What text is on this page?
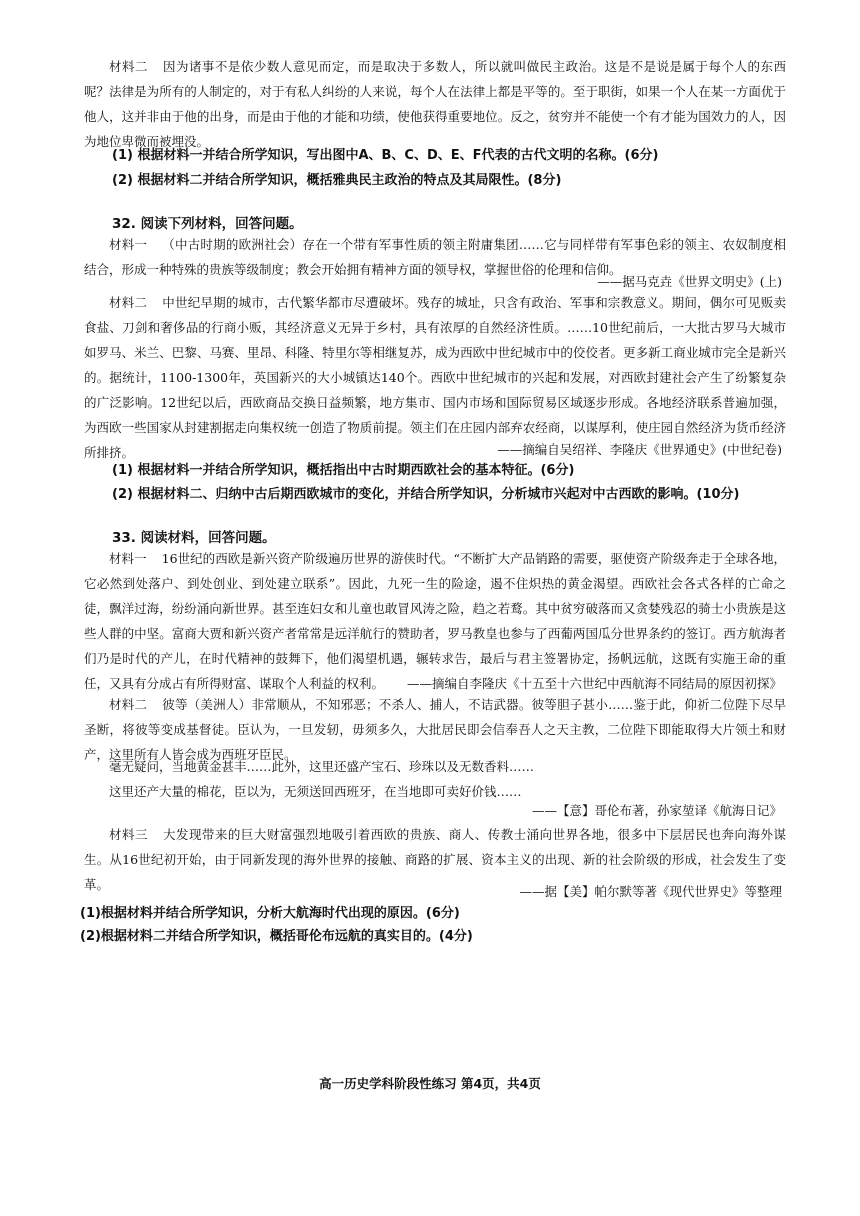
材料二 因为诸事不是依少数人意见而定，而是取决于多数人，所以就叫做民主政治。这是不是说是属于每个人的东西呢？法律是为所有的人制定的，对于有私人纠纷的人来说，每个人在法律上都是平等的。至于职街，如果一个人在某一方面优于他人，这并非由于他的出身，而是由于他的才能和功绩，使他获得重要地位。反之，贫穷并不能使一个有才能为国效力的人，因为地位卑微而被埋没。

(1) 根据材料一并结合所学知识，写出图中A、B、C、D、E、F代表的古代文明的名称。(6分)

(2) 根据材料二并结合所学知识，概括雅典民主政治的特点及其局限性。(8分)

32. 阅读下列材料，回答问题。

材料一 （中古时期的欧洲社会）存在一个带有军事性质的领主附庸集团……它与同样带有军事色彩的领主、农奴制度相结合，形成一种特殊的贵族等级制度；教会开始拥有精神方面的领导权，掌握世俗的伦理和信仰。

——据马克垚《世界文明史》(上)

材料二 中世纪早期的城市，古代繁华都市尽遭破坏。残存的城址，只含有政治、军事和宗教意义。期间，偶尔可见贩卖食盐、刀剑和奢侈品的行商小贩，其经济意义无异于乡村，具有浓厚的自然经济性质。……10世纪前后，一大批古罗马大城市如罗马、米兰、巴黎、马赛、里昂、科隆、特里尔等相继复苏，成为西欧中世纪城市中的佼佼者。更多新工商业城市完全是新兴的。据统计，1100-1300年，英国新兴的大小城镇达140个。西欧中世纪城市的兴起和发展，对西欧封建社会产生了纷繁复杂的广泛影响。12世纪以后，西欧商品交换日益频繁，地方集市、国内市场和国际贸易区域逐步形成。各地经济联系普遍加强，为西欧一些国家从封建割据走向集权统一创造了物质前提。领主们在庄园内部弃农经商，以谋厚利，使庄园自然经济为货币经济所排挤。	——摘编自吴绍祥、李隆庆《世界通史》(中世纪卷)

(1) 根据材料一并结合所学知识，概括指出中古时期西欧社会的基本特征。(6分)

(2) 根据材料二、归纳中古后期西欧城市的变化，并结合所学知识，分析城市兴起对中古西欧的影响。(10分)

33. 阅读材料，回答问题。

材料一 16世纪的西欧是新兴资产阶级遍历世界的游侠时代。“不断扩大产品销路的需要，驱使资产阶级奔走于全球各地，它必然到处落户、到处创业、到处建立联系”。因此，九死一生的险途，遏不住炽热的黄金渴望。西欧社会各式各样的亡命之徒，飘洋过海，纷纷涌向新世界。甚至连妇女和儿童也敢冒风涛之险，趋之若鹜。其中贫穷破落而又贪婪残忍的骑士小贵族是这些人群的中坚。富商大贾和新兴资产者常常是远洋航行的赞助者，罗马教皇也参与了西葡两国瓜分世界条约的签订。西方航海者们乃是时代的产儿，在时代精神的鼓舞下，他们渴望机遇，辗转求告，最后与君主签署协定，扬帆远航，这既有实施王命的重任，又具有分成占有所得财富、谋取个人利益的权利。	——摘编自李隆庆《十五至十六世纪中西航海不同结局的原因初探》

材料二 彼等（美洲人）非常顺从，不知邪恶；不杀人、捕人，不诘武器。彼等胆子甚小……鉴于此，仰祈二位陛下尽早圣断，将彼等变成基督徒。臣认为，一旦发轫，毋须多久，大批居民即会信奉吾人之天主教，二位陛下即能取得大片领土和财产，这里所有人皆会成为西班牙臣民。

毫无疑问，当地黄金甚丰……此外，这里还盛产宝石、珍珠以及无数香料……

这里还产大量的棉花，臣以为，无须送回西班牙，在当地即可卖好价钱……

——【意】哥伦布著，孙家堃译《航海日记》

材料三 大发现带来的巨大财富强烈地吸引着西欧的贵族、商人、传教士涌向世界各地，很多中下层居民也奔向海外谋生。从16世纪初开始，由于同新发现的海外世界的接触、商路的扩展、资本主义的出现、新的社会阶级的形成，社会发生了变革。	——据【美】帕尔默等著《现代世界史》等整理

(1)根据材料并结合所学知识，分析大航海时代出现的原因。(6分)

(2)根据材料二并结合所学知识，概括哥伦布远航的真实目的。(4分)

高一历史学科阶段性练习 第4页，共4页
